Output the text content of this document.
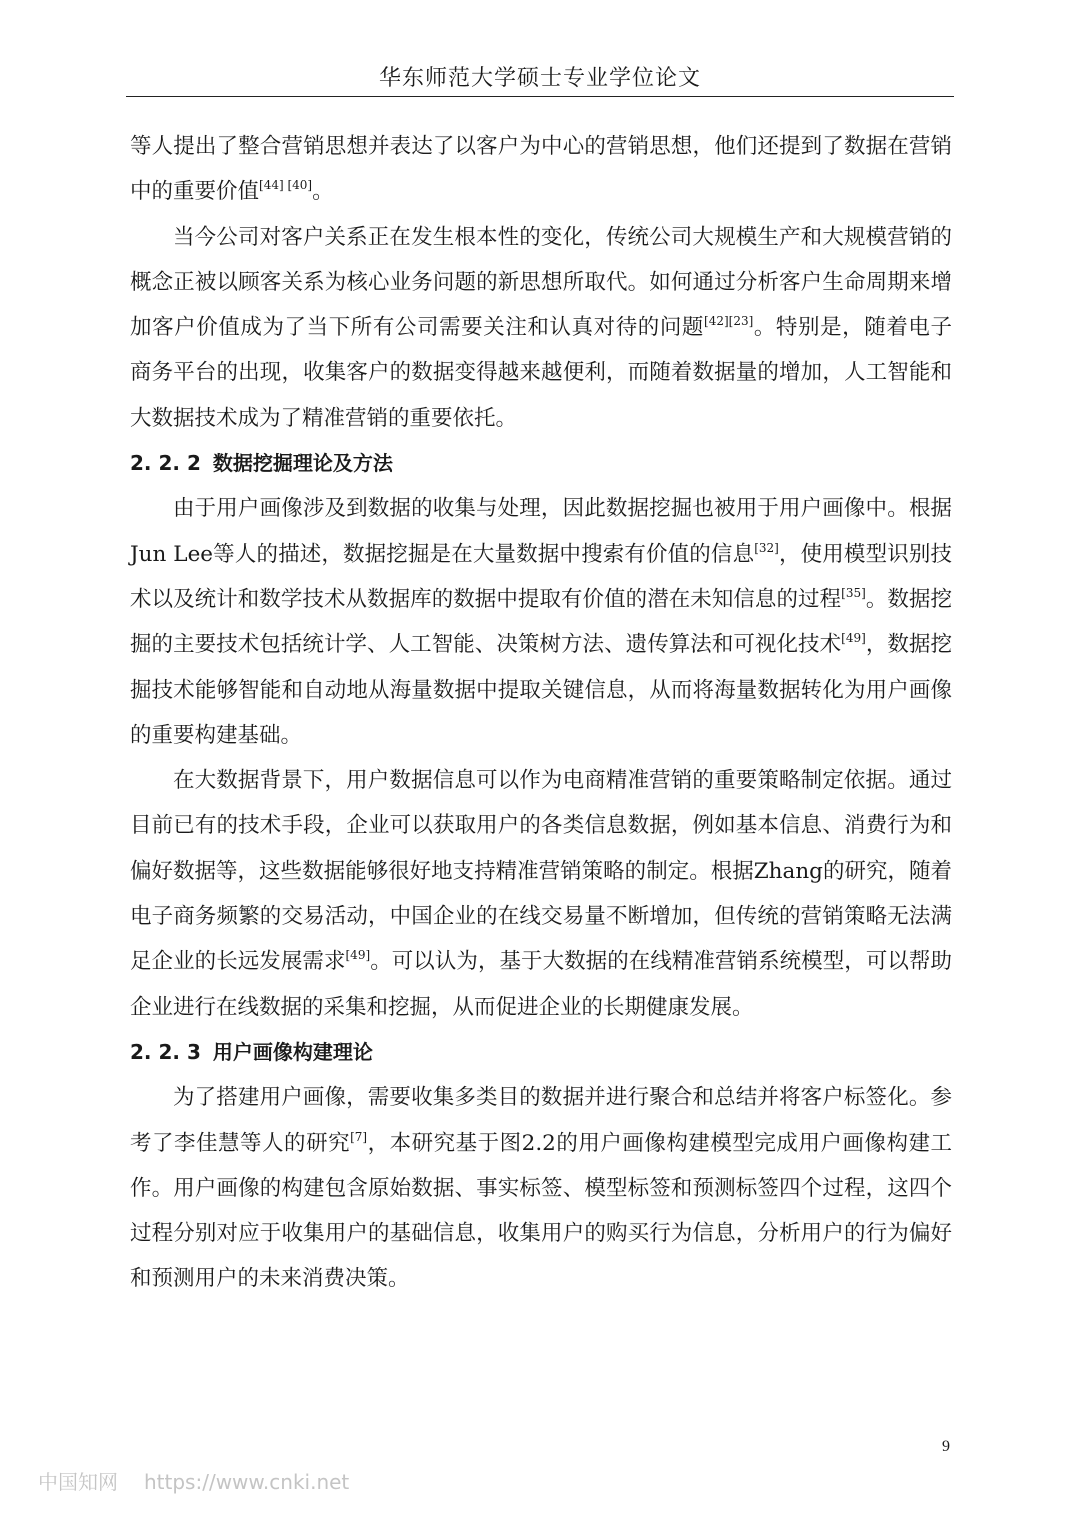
华东师范大学硕士专业学位论文

等人提出了整合营销思想并表达了以客户为中心的营销思想，他们还提到了数据在营销中的重要价值[44] [40]。

当今公司对客户关系正在发生根本性的变化，传统公司大规模生产和大规模营销的概念正被以顾客关系为核心业务问题的新思想所取代。如何通过分析客户生命周期来增加客户价值成为了当下所有公司需要关注和认真对待的问题[42][23]。特别是，随着电子商务平台的出现，收集客户的数据变得越来越便利，而随着数据量的增加，人工智能和大数据技术成为了精准营销的重要依托。

2. 2. 2 数据挖掘理论及方法

由于用户画像涉及到数据的收集与处理，因此数据挖掘也被用于用户画像中。根据Jun Lee等人的描述，数据挖掘是在大量数据中搜索有价值的信息[32]，使用模型识别技术以及统计和数学技术从数据库的数据中提取有价值的潜在未知信息的过程[35]。数据挖掘的主要技术包括统计学、人工智能、决策树方法、遗传算法和可视化技术[49]，数据挖掘技术能够智能和自动地从海量数据中提取关键信息，从而将海量数据转化为用户画像的重要构建基础。

在大数据背景下，用户数据信息可以作为电商精准营销的重要策略制定依据。通过目前已有的技术手段，企业可以获取用户的各类信息数据，例如基本信息、消费行为和偏好数据等，这些数据能够很好地支持精准营销策略的制定。根据Zhang的研究，随着电子商务频繁的交易活动，中国企业的在线交易量不断增加，但传统的营销策略无法满足企业的长远发展需求[49]。可以认为，基于大数据的在线精准营销系统模型，可以帮助企业进行在线数据的采集和挖掘，从而促进企业的长期健康发展。

2. 2. 3 用户画像构建理论

为了搭建用户画像，需要收集多类目的数据并进行聚合和总结并将客户标签化。参考了李佳慧等人的研究[7]，本研究基于图2.2的用户画像构建模型完成用户画像构建工作。用户画像的构建包含原始数据、事实标签、模型标签和预测标签四个过程，这四个过程分别对应于收集用户的基础信息，收集用户的购买行为信息，分析用户的行为偏好和预测用户的未来消费决策。

9
中国知网 https://www.cnki.net
